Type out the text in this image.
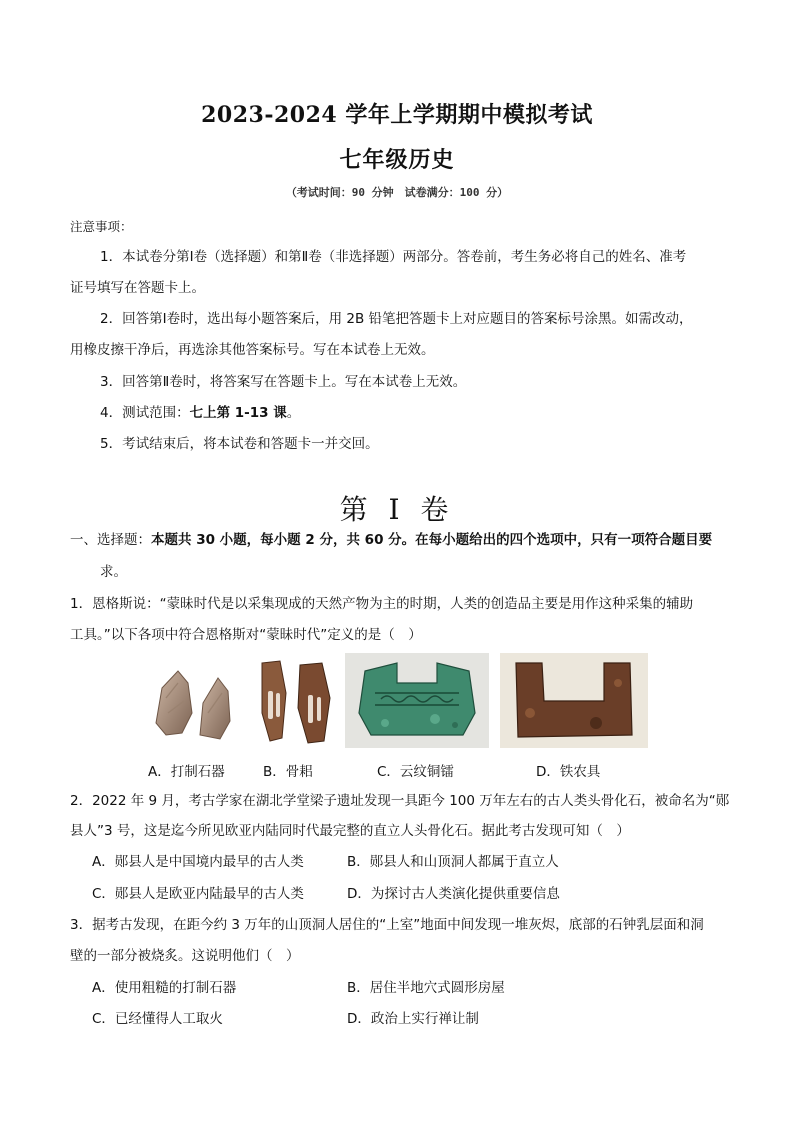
2023-2024 学年上学期期中模拟考试
七年级历史
（考试时间：90 分钟　试卷满分：100 分）
注意事项：
1．本试卷分第Ⅰ卷（选择题）和第Ⅱ卷（非选择题）两部分。答卷前，考生务必将自己的姓名、准考
证号填写在答题卡上。
2．回答第Ⅰ卷时，选出每小题答案后，用 2B 铅笔把答题卡上对应题目的答案标号涂黑。如需改动，
用橡皮擦干净后，再选涂其他答案标号。写在本试卷上无效。
3．回答第Ⅱ卷时，将答案写在答题卡上。写在本试卷上无效。
4．测试范围：七上第 1-13 课。
5．考试结束后，将本试卷和答题卡一并交回。
第 I 卷
一、选择题：本题共 30 小题，每小题 2 分，共 60 分。在每小题给出的四个选项中，只有一项符合题目要
求。
1．恩格斯说：“蒙昧时代是以采集现成的天然产物为主的时期，人类的创造品主要是用作这种采集的辅助
工具。”以下各项中符合恩格斯对“蒙昧时代”定义的是（　）
A．打制石器	B．骨耜	C．云纹铜镭	D．铁农具
2．2022 年 9 月，考古学家在湖北学堂梁子遗址发现一具距今 100 万年左右的古人类头骨化石，被命名为“郧
县人”3 号，这是迄今所见欧亚内陆同时代最完整的直立人头骨化石。据此考古发现可知（　）
A．郧县人是中国境内最早的古人类	B．郧县人和山顶洞人都属于直立人
C．郧县人是欧亚内陆最早的古人类	D．为探讨古人类演化提供重要信息
3．据考古发现，在距今约 3 万年的山顶洞人居住的“上室”地面中间发现一堆灰烬，底部的石钟乳层面和洞
壁的一部分被烧炙。这说明他们（　）
A．使用粗糙的打制石器	B．居住半地穴式圆形房屋
C．已经懂得人工取火	D．政治上实行禅让制
